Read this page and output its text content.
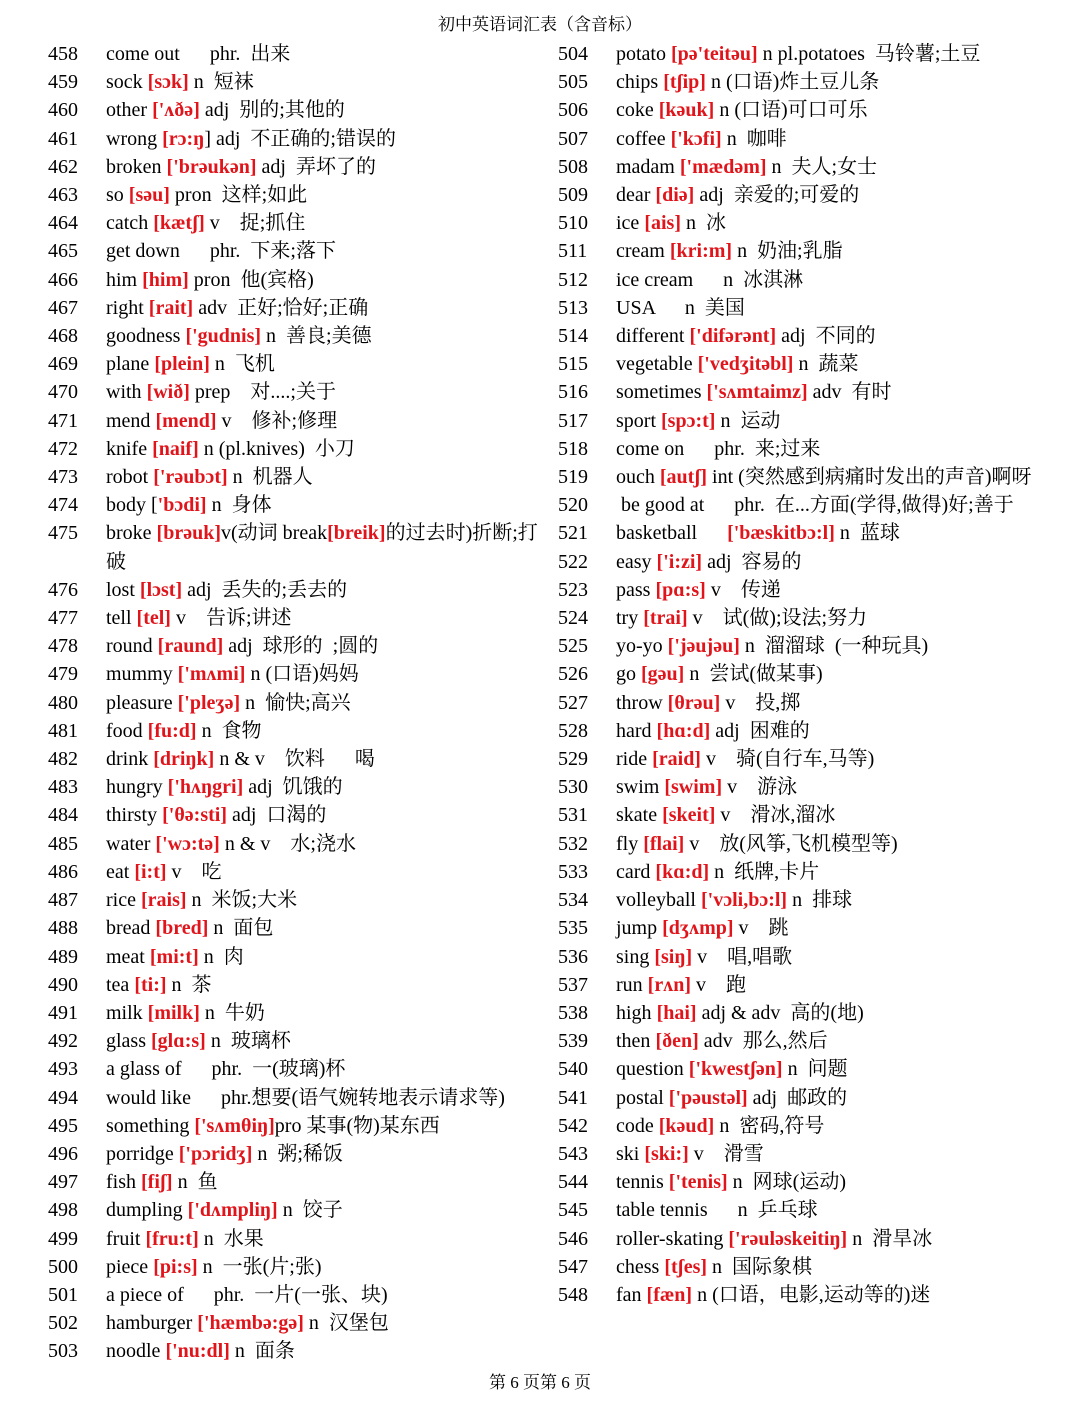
初中英语词汇表（含音标）
458	come out      phr.  出来
459	sock [sɔk] n  短袜
460	other ['ʌðə] adj  别的;其他的
461	wrong [rɔ:ŋ] adj  不正确的;错误的
462	broken ['brəukən] adj  弄坏了的
463	so [səu] pron  这样;如此
464	catch [kætʃ] v    捉;抓住
465	get down      phr.  下来;落下
466	him [him] pron  他(宾格)
467	right [rait] adv  正好;恰好;正确
468	goodness ['gudnis] n  善良;美德
469	plane [plein] n  飞机
470	with [wið] prep    对....;关于
471	mend [mend] v    修补;修理
472	knife [naif] n (pl.knives)  小刀
473	robot ['rəubɔt] n  机器人
474	body ['bɔdi] n  身体
475	broke [brəuk]v(动词 break[breik]的过去时)折断;打破
476	lost [lɔst] adj  丢失的;丢去的
477	tell [tel] v    告诉;讲述
478	round [raund] adj  球形的  ;圆的
479	mummy ['mʌmi] n (口语)妈妈
480	pleasure ['pleʒə] n  愉快;高兴
481	food [fu:d] n  食物
482	drink [driŋk] n & v    饮料      喝
483	hungry ['hʌŋgri] adj  饥饿的
484	thirsty ['θə:sti] adj  口渴的
485	water ['wɔ:tə] n & v    水;浇水
486	eat [i:t] v    吃
487	rice [rais] n  米饭;大米
488	bread [bred] n  面包
489	meat [mi:t] n  肉
490	tea [ti:] n  茶
491	milk [milk] n  牛奶
492	glass [glɑ:s] n  玻璃杯
493	a glass of      phr.  一(玻璃)杯
494	would like      phr.想要(语气婉转地表示请求等)
495	something ['sʌmθiŋ]pro 某事(物)某东西
496	porridge ['pɔridʒ] n  粥;稀饭
497	fish [fiʃ] n  鱼
498	dumpling ['dʌmpliŋ] n  饺子
499	fruit [fru:t] n  水果
500	piece [pi:s] n  一张(片;张)
501	a piece of      phr.  一片(一张、块)
502	hamburger ['hæmbə:gə] n  汉堡包
503	noodle ['nu:dl] n  面条
504	potato [pə'teitəu] n pl.potatoes  马铃薯;土豆
505	chips [tʃip] n (口语)炸土豆儿条
506	coke [kəuk] n (口语)可口可乐
507	coffee ['kɔfi] n  咖啡
508	madam ['mædəm] n  夫人;女士
509	dear [diə] adj  亲爱的;可爱的
510	ice [ais] n  冰
511	cream [kri:m] n  奶油;乳脂
512	ice cream      n  冰淇淋
513	USA      n  美国
514	different ['difərənt] adj  不同的
515	vegetable ['vedʒitəbl] n  蔬菜
516	sometimes ['sʌmtaimz] adv  有时
517	sport [spɔ:t] n  运动
518	come on      phr.  来;过来
519	ouch [autʃ] int (突然感到病痛时发出的声音)啊呀
520	be good at      phr.  在...方面(学得,做得)好;善于
521	basketball      ['bæskitbɔ:l] n  蓝球
522	easy ['i:zi] adj  容易的
523	pass [pɑ:s] v    传递
524	try [trai] v    试(做);设法;努力
525	yo-yo ['jəujəu] n  溜溜球  (一种玩具)
526	go [gəu] n  尝试(做某事)
527	throw [θrəu] v    投,掷
528	hard [hɑ:d] adj  困难的
529	ride [raid] v    骑(自行车,马等)
530	swim [swim] v    游泳
531	skate [skeit] v    滑冰,溜冰
532	fly [flai] v    放(风筝,飞机模型等)
533	card [kɑ:d] n  纸牌,卡片
534	volleyball ['vɔli,bɔ:l] n  排球
535	jump [dʒʌmp] v    跳
536	sing [siŋ] v    唱,唱歌
537	run [rʌn] v    跑
538	high [hai] adj & adv  高的(地)
539	then [ðen] adv  那么,然后
540	question ['kwestʃən] n  问题
541	postal ['pəustəl] adj  邮政的
542	code [kəud] n  密码,符号
543	ski [ski:] v    滑雪
544	tennis ['tenis] n  网球(运动)
545	table tennis      n  乒乓球
546	roller-skating ['rəuləskeitiŋ] n  滑旱冰
547	chess [tʃes] n  国际象棋
548	fan [fæn] n (口语，电影,运动等的)迷
第 6 页第 6 页
